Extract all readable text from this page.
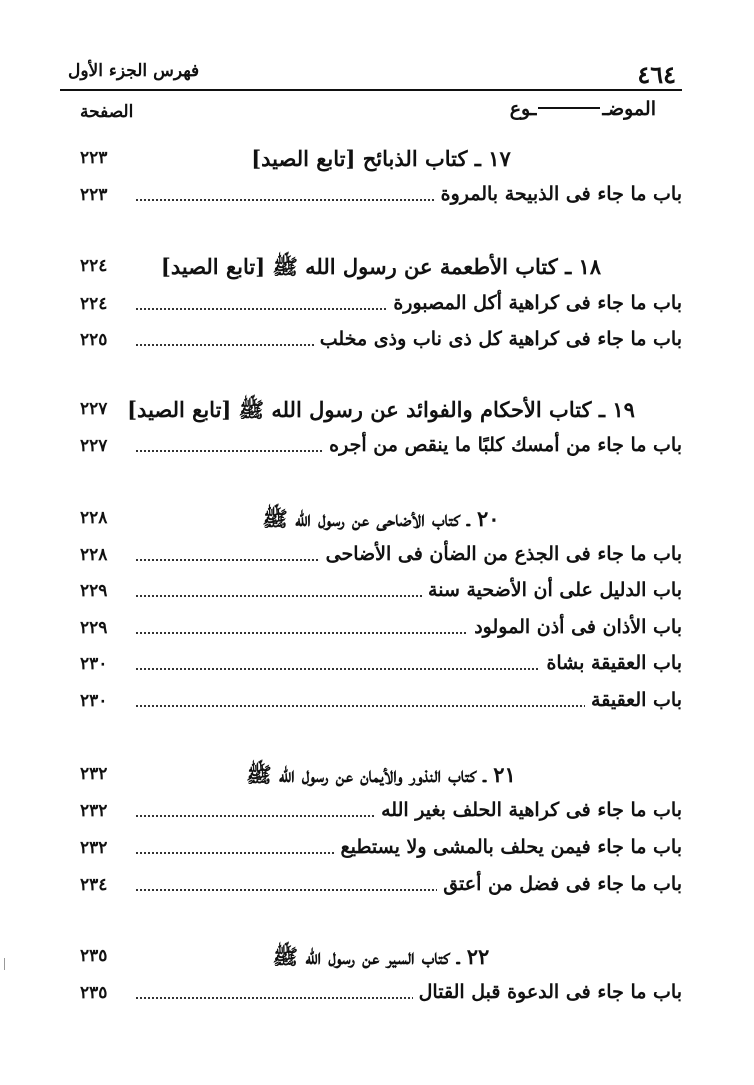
٤٦٤
فهرس الجزء الأول
الموضــوع
الصفحة
١٧ ـ كتاب الذبائح [تابع الصيد]
٢٢٣
باب ما جاء فى الذبيحة بالمروة
٢٢٣
١٨ ـ كتاب الأطعمة عن رسول الله ﷺ [تابع الصيد]
٢٢٤
باب ما جاء فى كراهية أكل المصبورة
٢٢٤
باب ما جاء فى كراهية كل ذى ناب وذى مخلب
٢٢٥
١٩ ـ كتاب الأحكام والفوائد عن رسول الله ﷺ [تابع الصيد]
٢٢٧
باب ما جاء من أمسك كلبًا ما ينقص من أجره
٢٢٧
٢٠ ـ كتاب الأضاحى عن رسول الله ﷺ
٢٢٨
باب ما جاء فى الجذع من الضأن فى الأضاحى
٢٢٨
باب الدليل على أن الأضحية سنة
٢٢٩
باب الأذان فى أذن المولود
٢٢٩
باب العقيقة بشاة
٢٣٠
باب العقيقة
٢٣٠
٢١ ـ كتاب النذور والأيمان عن رسول الله ﷺ
٢٣٢
باب ما جاء فى كراهية الحلف بغير الله
٢٣٢
باب ما جاء فيمن يحلف بالمشى ولا يستطيع
٢٣٢
باب ما جاء فى فضل من أعتق
٢٣٤
٢٢ ـ كتاب السير عن رسول الله ﷺ
٢٣٥
باب ما جاء فى الدعوة قبل القتال
٢٣٥
